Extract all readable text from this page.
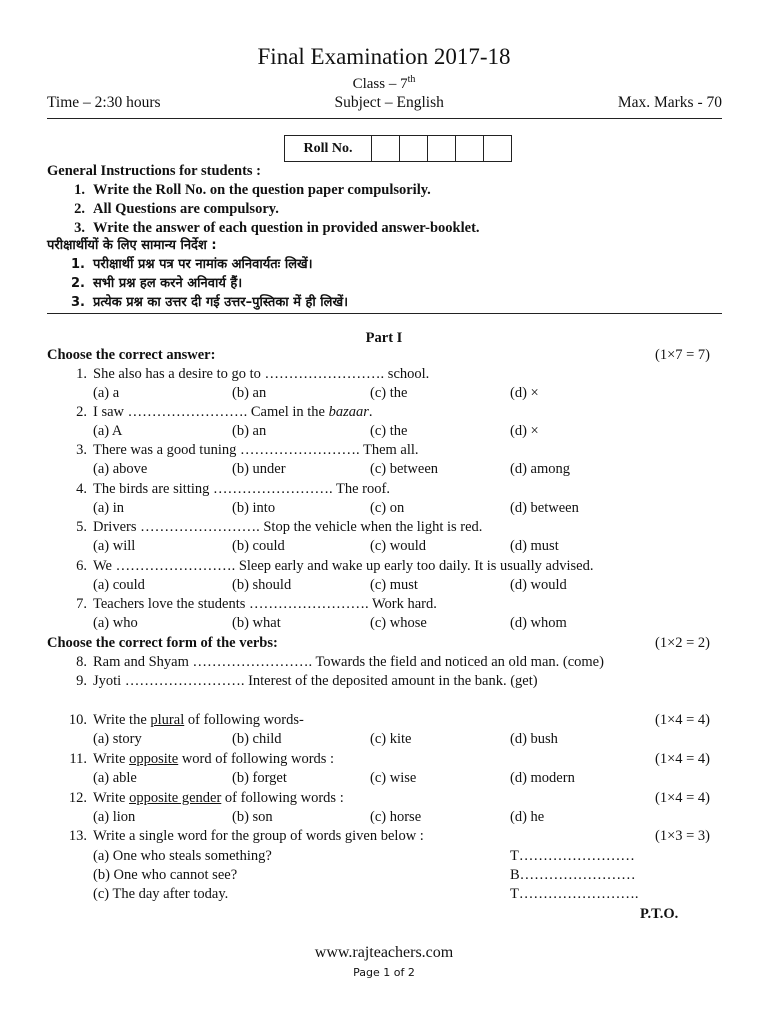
Final Examination 2017-18
Class – 7th
Time – 2:30 hours	Subject – English	Max. Marks - 70
Roll No.
General Instructions for students :
1. Write the Roll No. on the question paper compulsorily.
2. All Questions are compulsory.
3. Write the answer of each question in provided answer-booklet.
परीक्षार्थीयों के लिए सामान्य निर्देश :
1. परीक्षार्थी प्रश्न पत्र पर नामांक अनिवार्यतः लिखें।
2. सभी प्रश्न हल करने अनिवार्य हैं।
3. प्रत्येक प्रश्न का उत्तर दी गई उत्तर–पुस्तिका में ही लिखें।
Part I
Choose the correct answer:	(1×7 = 7)
1. She also has a desire to go to ……………………. school.
(a) a	(b) an	(c) the	(d) ×
2. I saw ……………………. Camel in the bazaar.
(a) A	(b) an	(c) the	(d) ×
3. There was a good tuning ……………………. Them all.
(a) above	(b) under	(c) between	(d) among
4. The birds are sitting ……………………. The roof.
(a) in	(b) into	(c) on	(d) between
5. Drivers ……………………. Stop the vehicle when the light is red.
(a) will	(b) could	(c) would	(d) must
6. We ……………………. Sleep early and wake up early too daily. It is usually advised.
(a) could	(b) should	(c) must	(d) would
7. Teachers love the students ……………………. Work hard.
(a) who	(b) what	(c) whose	(d) whom
Choose the correct form of the verbs:	(1×2 = 2)
8. Ram and Shyam ……………………. Towards the field and noticed an old man. (come)
9. Jyoti ……………………. Interest of the deposited amount in the bank. (get)
10. Write the plural of following words-	(1×4 = 4)
(a) story	(b) child	(c) kite	(d) bush
11. Write opposite word of following words :	(1×4 = 4)
(a) able	(b) forget	(c) wise	(d) modern
12. Write opposite gender of following words :	(1×4 = 4)
(a) lion	(b) son	(c) horse	(d) he
13. Write a single word for the group of words given below :	(1×3 = 3)
(a) One who steals something?	T……………………
(b) One who cannot see?	B……………………
(c) The day after today.	T…………………….
P.T.O.
www.rajteachers.com
Page 1 of 2
